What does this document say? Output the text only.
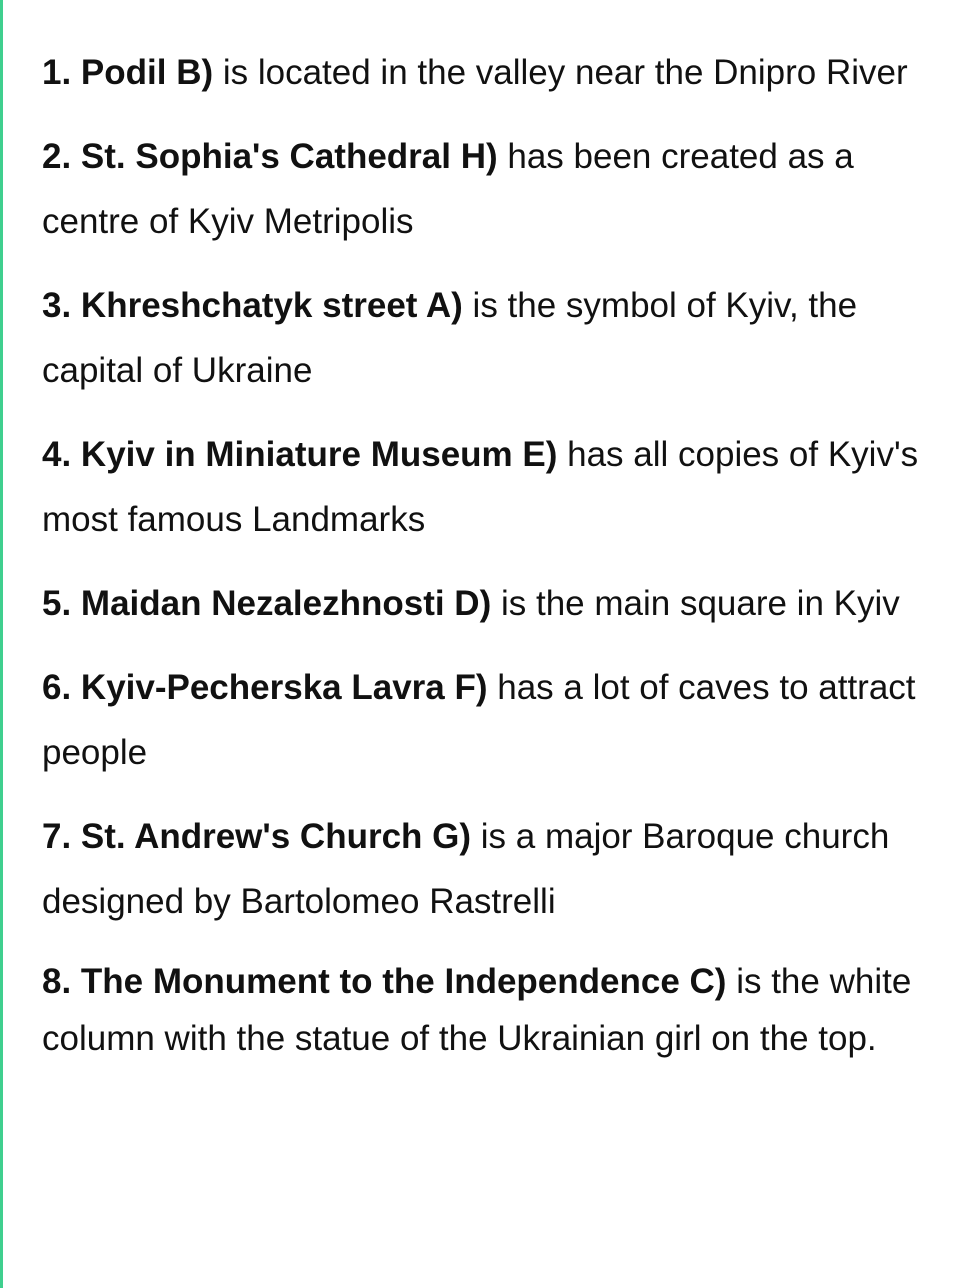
1. Podil B) is located in the valley near the Dnipro River
2. St. Sophia's Cathedral H) has been created as a centre of Kyiv Metripolis
3. Khreshchatyk street A) is the symbol of Kyiv, the capital of Ukraine
4. Kyiv in Miniature Museum E) has all copies of Kyiv's most famous Landmarks
5. Maidan Nezalezhnosti D) is the main square in Kyiv
6. Kyiv-Pecherska Lavra F) has a lot of caves to attract people
7. St. Andrew's Church G) is a major Baroque church designed by Bartolomeo Rastrelli
8. The Monument to the Independence C) is the white column with the statue of the Ukrainian girl on the top.
